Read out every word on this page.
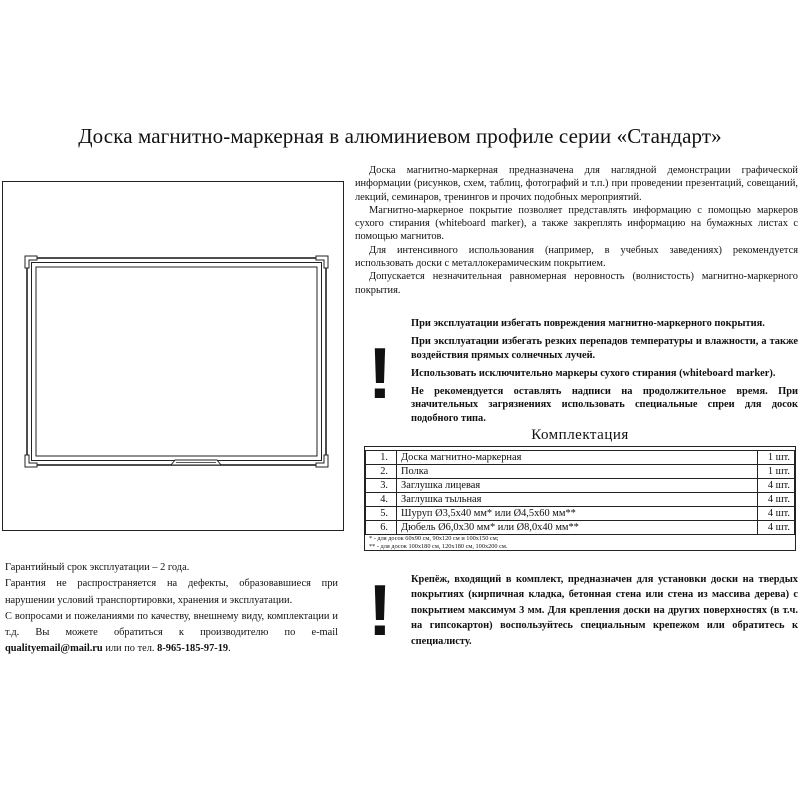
Доска магнитно-маркерная в алюминиевом профиле серии «Стандарт»

Доска магнитно-маркерная предназначена для наглядной демонстрации графической информации (рисунков, схем, таблиц, фотографий и т.п.) при проведении презентаций, совещаний, лекций, семинаров, тренингов и прочих подобных мероприятий.

Магнитно-маркерное покрытие позволяет представлять информацию с помощью маркеров сухого стирания (whiteboard marker), а также закреплять информацию на бумажных листах с помощью магнитов.

Для интенсивного использования (например, в учебных заведениях) рекомендуется использовать доски с металлокерамическим покрытием.

Допускается незначительная равномерная неровность (волнистость) магнитно-маркерного покрытия.

!

При эксплуатации избегать повреждения магнитно-маркерного покрытия.

При эксплуатации избегать резких перепадов температуры и влажности, а также воздействия прямых солнечных лучей.

Использовать исключительно маркеры сухого стирания (whiteboard marker).

Не рекомендуется оставлять надписи на продолжительное время. При значительных загрязнениях использовать специальные спреи для досок подобного типа.

Комплектация
1.	Доска магнитно-маркерная	1 шт.
2.	Полка	1 шт.
3.	Заглушка лицевая	4 шт.
4.	Заглушка тыльная	4 шт.
5.	Шуруп Ø3,5х40 мм* или Ø4,5х60 мм**	4 шт.
6.	Дюбель Ø6,0х30 мм* или Ø8,0х40 мм**	4 шт.
* - для досок 60х90 см, 90х120 см и 100х150 см;
** - для досок 100х180 см, 120х180 см, 100х200 см.
! Крепёж, входящий в комплект, предназначен для установки доски на твердых покрытиях (кирпичная кладка, бетонная стена или стена из массива дерева) с покрытием максимум 3 мм. Для крепления доски на других поверхностях (в т.ч. на гипсокартон) воспользуйтесь специальным крепежом или обратитесь к специалисту.

Гарантийный срок эксплуатации – 2 года.

Гарантия не распространяется на дефекты, образовавшиеся при нарушении условий транспортировки, хранения и эксплуатации.

С вопросами и пожеланиями по качеству, внешнему виду, комплектации и т.д. Вы можете обратиться к производителю по e-mail qualityemail@mail.ru или по тел. 8-965-185-97-19.
